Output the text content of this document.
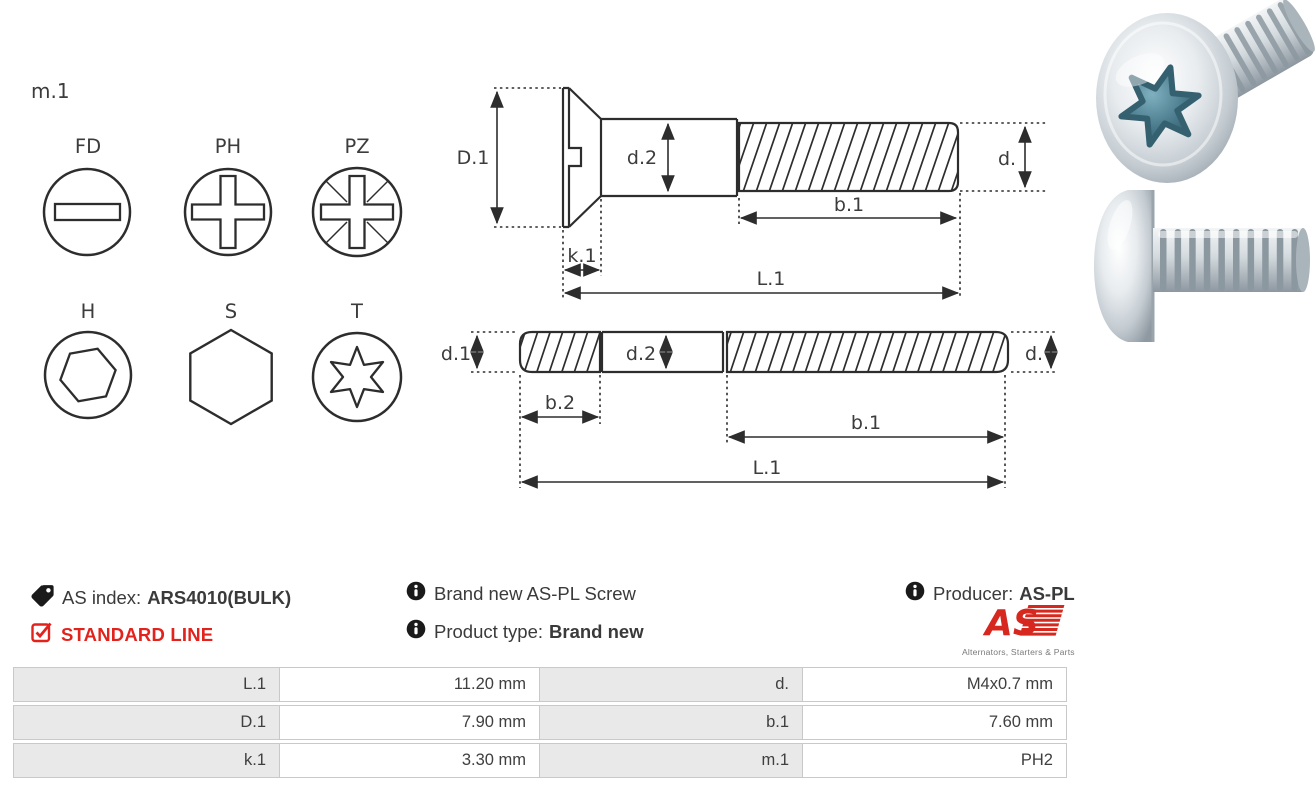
m.1
FD	PH	PZ
H	S	T
D.1	d.2	d.
b.1
k.1
L.1
d.1	d.2	d.
b.2
b.1
L.1
AS index: ARS4010(BULK)
STANDARD LINE
Brand new AS-PL Screw
Product type: Brand new
Producer: AS-PL
AS
Alternators, Starters & Parts
L.1	11.20 mm	d.	M4x0.7 mm
D.1	7.90 mm	b.1	7.60 mm
k.1	3.30 mm	m.1	PH2
